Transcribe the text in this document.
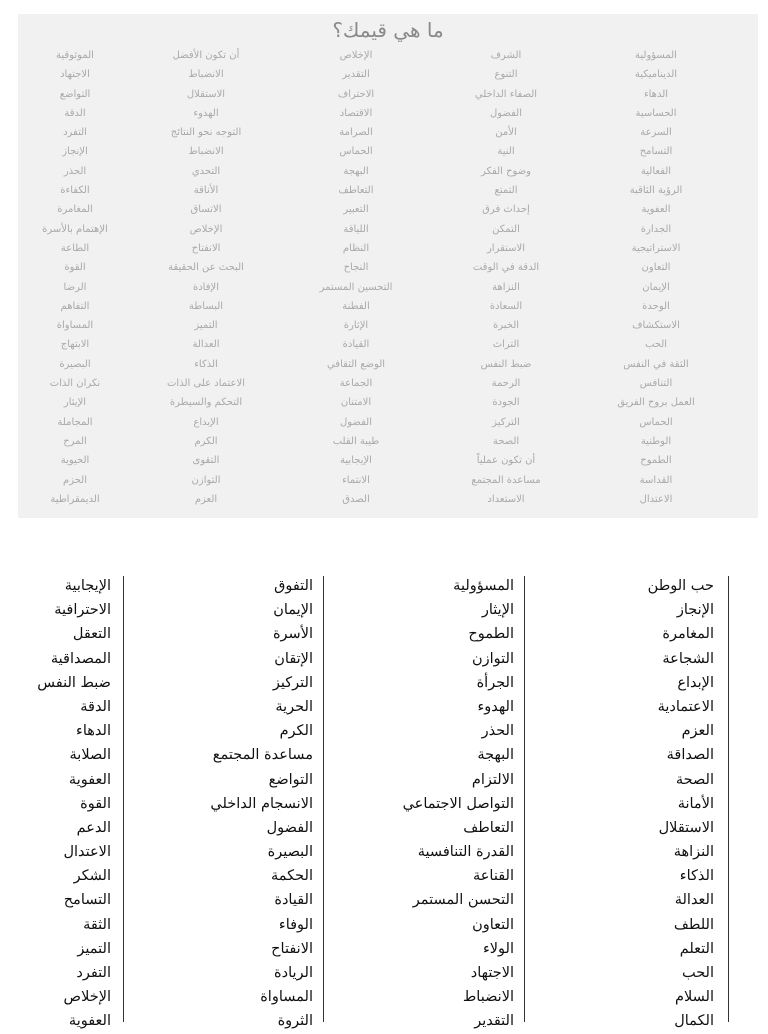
ما هي قيمك؟
المسؤولية
الديناميكية
الدهاء
الحساسية
السرعة
التسامح
الفعالية
الرؤية الثاقبة
العفوية
الجدارة
الاستراتيجية
التعاون
الإيمان
الوحدة
الاستكشاف
الحب
الثقة في النفس
التنافس
العمل بروح الفريق
الحماس
الوطنية
الطموح
القداسة
الاعتدال
الشرف
التنوع
الصفاء الداخلي
الفضول
الأمن
النية
وضوح الفكر
التمتع
إحداث فرق
التمكن
الاستقرار
الدقة في الوقت
النزاهة
السعادة
الخبرة
التراث
ضبط النفس
الرحمة
الجودة
التركيز
الصحة
أن تكون عملياً
مساعدة المجتمع
الاستعداد
الإخلاص
التقدير
الاحتراف
الاقتصاد
الصرامة
الحماس
البهجة
التعاطف
التعبير
اللياقة
النظام
النجاح
التحسين المستمر
الفطنة
الإثارة
القيادة
الوضع الثقافي
الجماعة
الامتنان
الفضول
طيبة القلب
الإيجابية
الانتماء
الصدق
أن تكون الأفضل
الانضباط
الاستقلال
الهدوء
التوجه نحو النتائج
الانضباط
التحدي
الأناقة
الاتساق
الإخلاص
الانفتاح
البحث عن الحقيقة
الإفادة
البساطة
التميز
العدالة
الذكاء
الاعتماد على الذات
التحكم والسيطرة
الإبداع
الكرم
التقوى
التوازن
العزم
الموثوقية
الاجتهاد
التواضع
الدقة
التفرد
الإنجاز
الحذر
الكفاءة
المغامرة
الإهتمام بالأسرة
الطاعة
القوة
الرضا
التفاهم
المساواة
الابتهاج
البصيرة
نكران الذات
الإيثار
المجاملة
المرح
الحيوية
الحزم
الديمقراطية
حب الوطن
الإنجاز
المغامرة
الشجاعة
الإبداع
الاعتمادية
العزم
الصداقة
الصحة
الأمانة
الاستقلال
النزاهة
الذكاء
العدالة
اللطف
التعلم
الحب
السلام
الكمال
المسؤولية
الإيثار
الطموح
التوازن
الجرأة
الهدوء
الحذر
البهجة
الالتزام
التواصل الاجتماعي
التعاطف
القدرة التنافسية
القناعة
التحسن المستمر
التعاون
الولاء
الاجتهاد
الانضباط
التقدير
التفوق
الإيمان
الأسرة
الإتقان
التركيز
الحرية
الكرم
مساعدة المجتمع
التواضع
الانسجام الداخلي
الفضول
البصيرة
الحكمة
القيادة
الوفاء
الانفتاح
الريادة
المساواة
الثروة
الإيجابية
الاحترافية
التعقل
المصداقية
ضبط النفس
الدقة
الدهاء
الصلابة
العفوية
القوة
الدعم
الاعتدال
الشكر
التسامح
الثقة
التميز
التفرد
الإخلاص
العفوية
